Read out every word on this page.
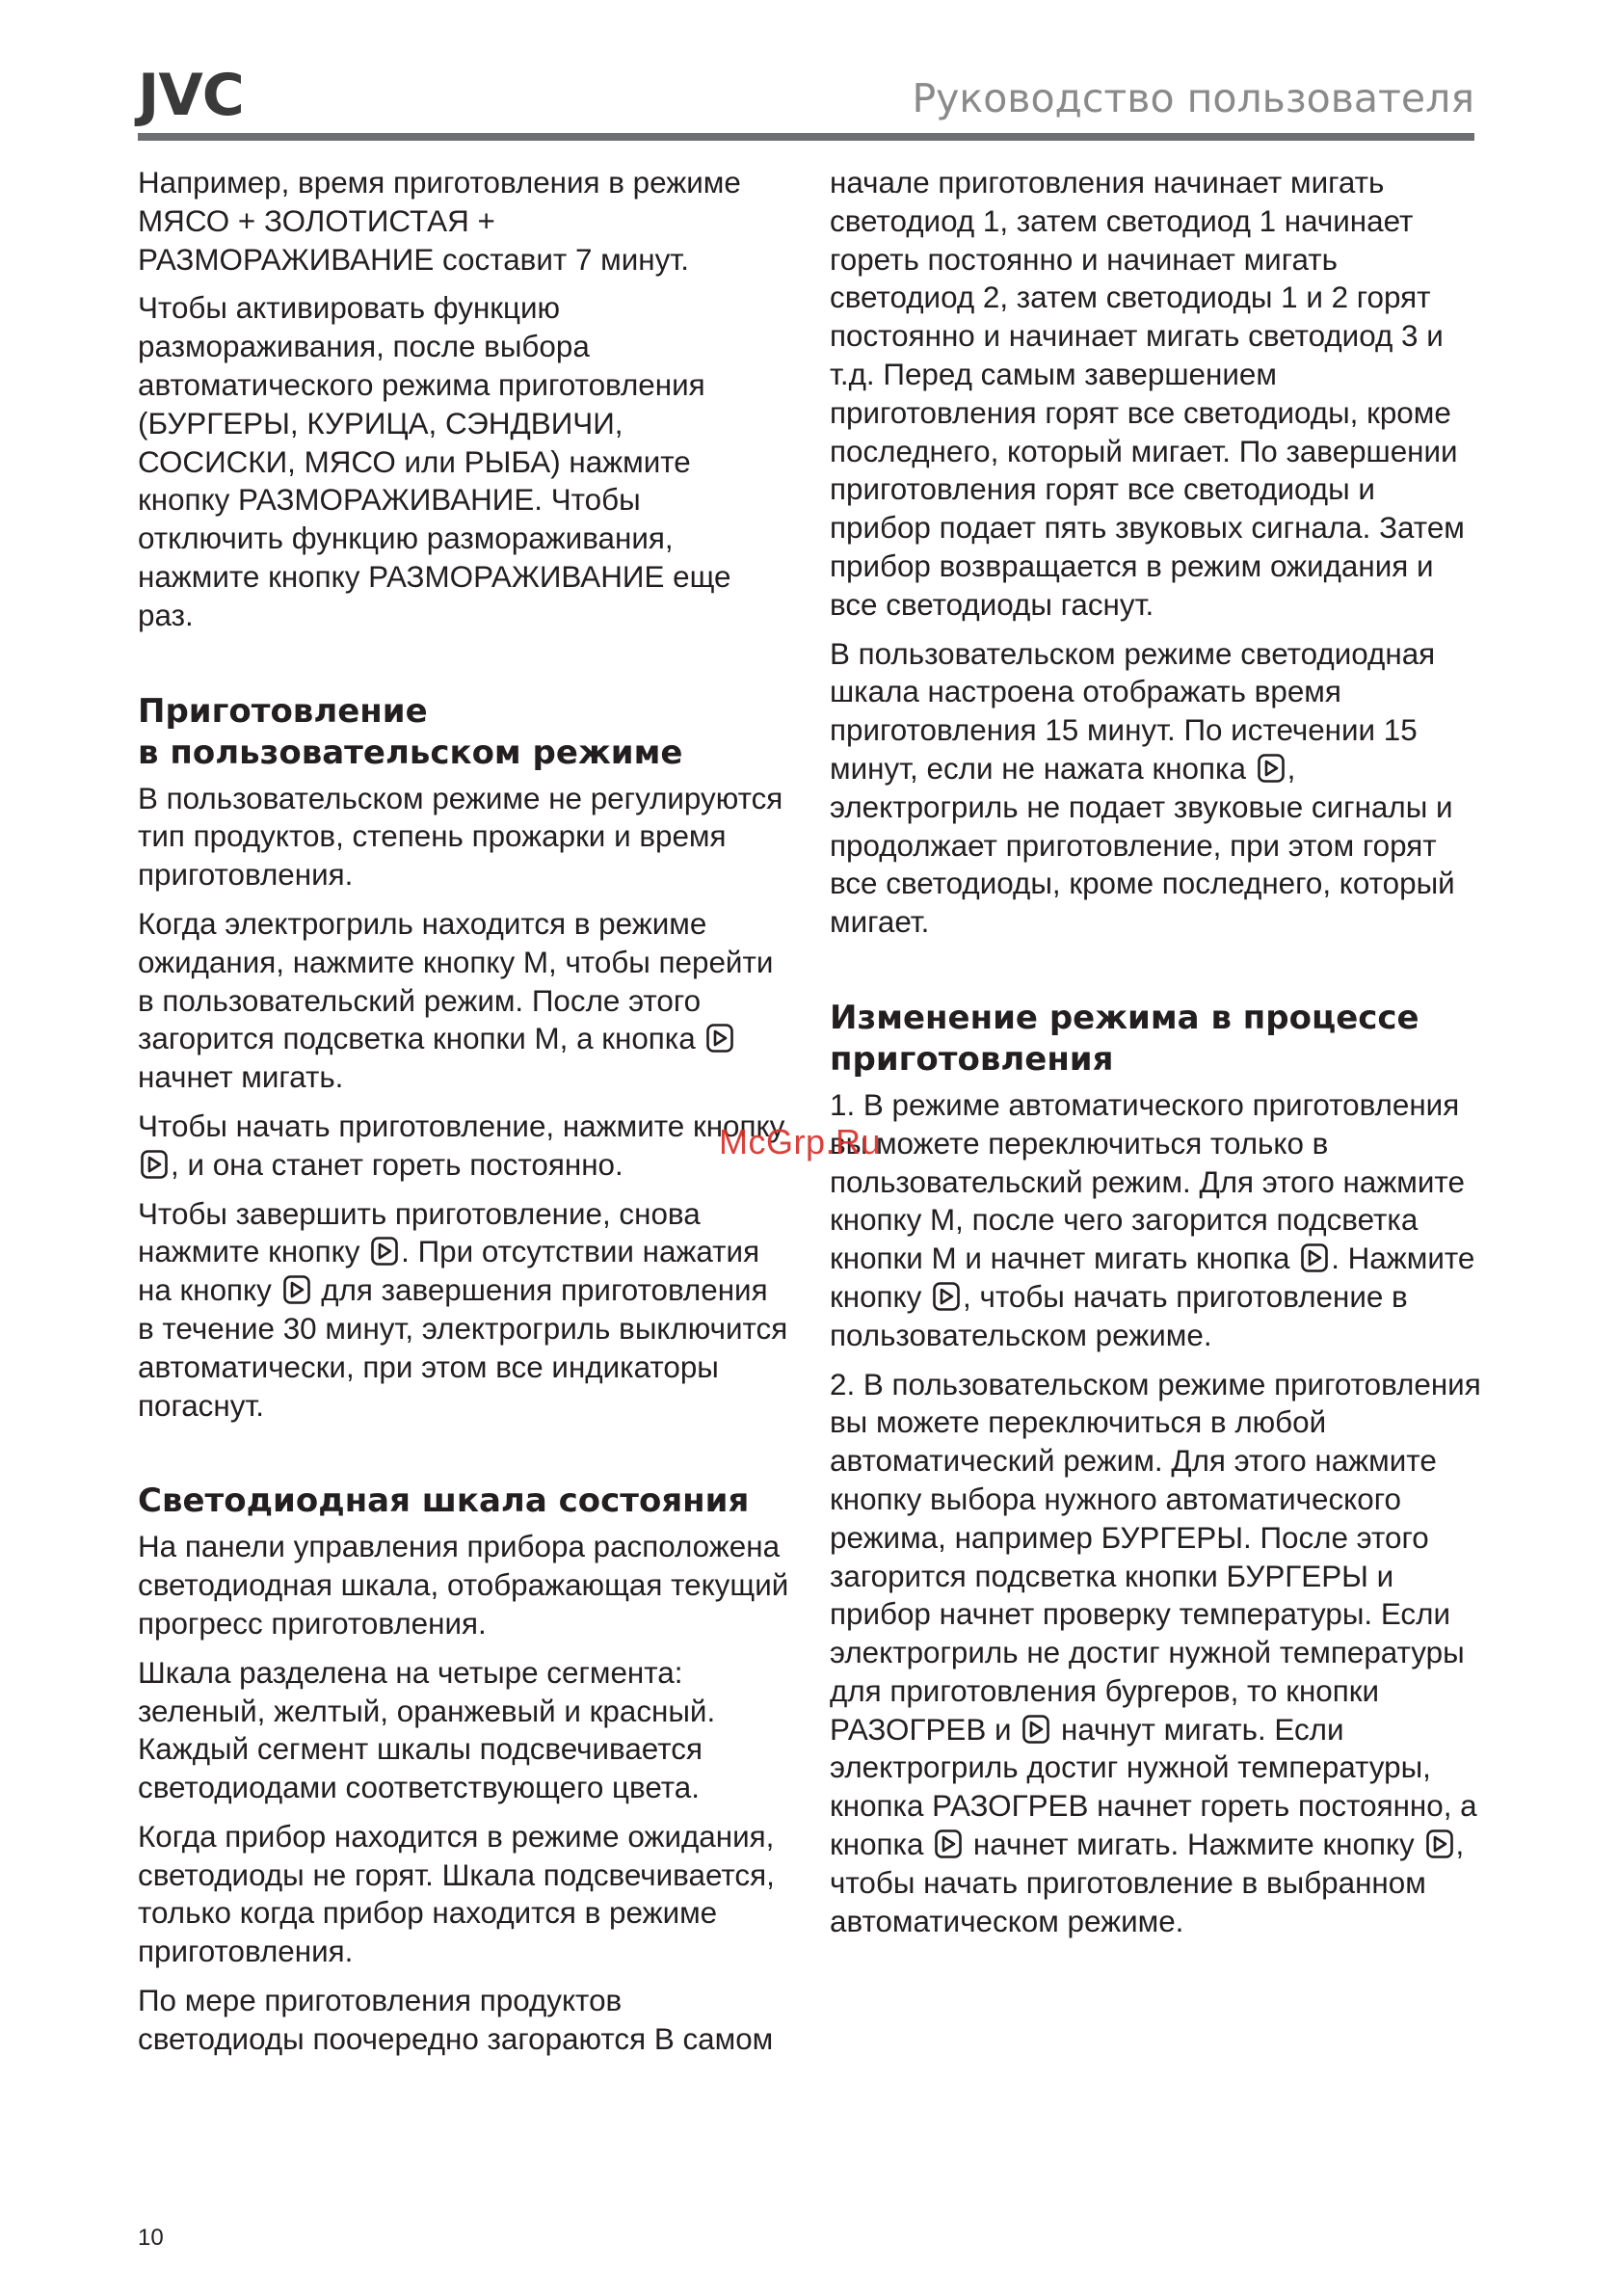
JVC	Руководство пользователя

Например, время приготовления в режиме МЯСО + ЗОЛОТИСТАЯ + РАЗМОРАЖИВАНИЕ составит 7 минут.

Чтобы активировать функцию размораживания, после выбора автоматического режима приготовления (БУРГЕРЫ, КУРИЦА, СЭНДВИЧИ, СОСИСКИ, МЯСО или РЫБА) нажмите кнопку РАЗМОРАЖИВАНИЕ. Чтобы отключить функцию размораживания, нажмите кнопку РАЗМОРАЖИВАНИЕ еще раз.

Приготовление
в пользовательском режиме

В пользовательском режиме не регулируются тип продуктов, степень прожарки и время приготовления.

Когда электрогриль находится в режиме ожидания, нажмите кнопку М, чтобы перейти в пользовательский режим. После этого загорится подсветка кнопки М, а кнопка
начнет мигать.

Чтобы начать приготовление, нажмите кнопку
, и она станет гореть постоянно.

Чтобы завершить приготовление, снова нажмите кнопку . При отсутствии нажатия на кнопку для завершения приготовления в течение 30 минут, электрогриль выключится автоматически, при этом все индикаторы погаснут.

Светодиодная шкала состояния

На панели управления прибора расположена светодиодная шкала, отображающая текущий прогресс приготовления.

Шкала разделена на четыре сегмента: зеленый, желтый, оранжевый и красный. Каждый сегмент шкалы подсвечивается светодиодами соответствующего цвета.

Когда прибор находится в режиме ожидания, светодиоды не горят. Шкала подсвечивается, только когда прибор находится в режиме приготовления.

По мере приготовления продуктов светодиоды поочередно загораются В самом

начале приготовления начинает мигать светодиод 1, затем светодиод 1 начинает гореть постоянно и начинает мигать светодиод 2, затем светодиоды 1 и 2 горят постоянно и начинает мигать светодиод 3 и т.д. Перед самым завершением приготовления горят все светодиоды, кроме последнего, который мигает. По завершении приготовления горят все светодиоды и прибор подает пять звуковых сигнала. Затем прибор возвращается в режим ожидания и все светодиоды гаснут.

В пользовательском режиме светодиодная шкала настроена отображать время приготовления 15 минут. По истечении 15 минут, если не нажата кнопка , электрогриль не подает звуковые сигналы и продолжает приготовление, при этом горят все светодиоды, кроме последнего, который мигает.

Изменение режима в процессе
приготовления

1. В режиме автоматического приготовления вы можете переключиться только в пользовательский режим. Для этого нажмите кнопку М, после чего загорится подсветка кнопки М и начнет мигать кнопка . Нажмите кнопку , чтобы начать приготовление в пользовательском режиме.

2. В пользовательском режиме приготовления вы можете переключиться в любой автоматический режим. Для этого нажмите кнопку выбора нужного автоматического режима, например БУРГЕРЫ. После этого загорится подсветка кнопки БУРГЕРЫ и прибор начнет проверку температуры. Если электрогриль не достиг нужной температуры для приготовления бургеров, то кнопки РАЗОГРЕВ и начнут мигать. Если электрогриль достиг нужной температуры, кнопка РАЗОГРЕВ начнет гореть постоянно, а кнопка начнет мигать. Нажмите кнопку , чтобы начать приготовление в выбранном автоматическом режиме.

McGrp.Ru
10
